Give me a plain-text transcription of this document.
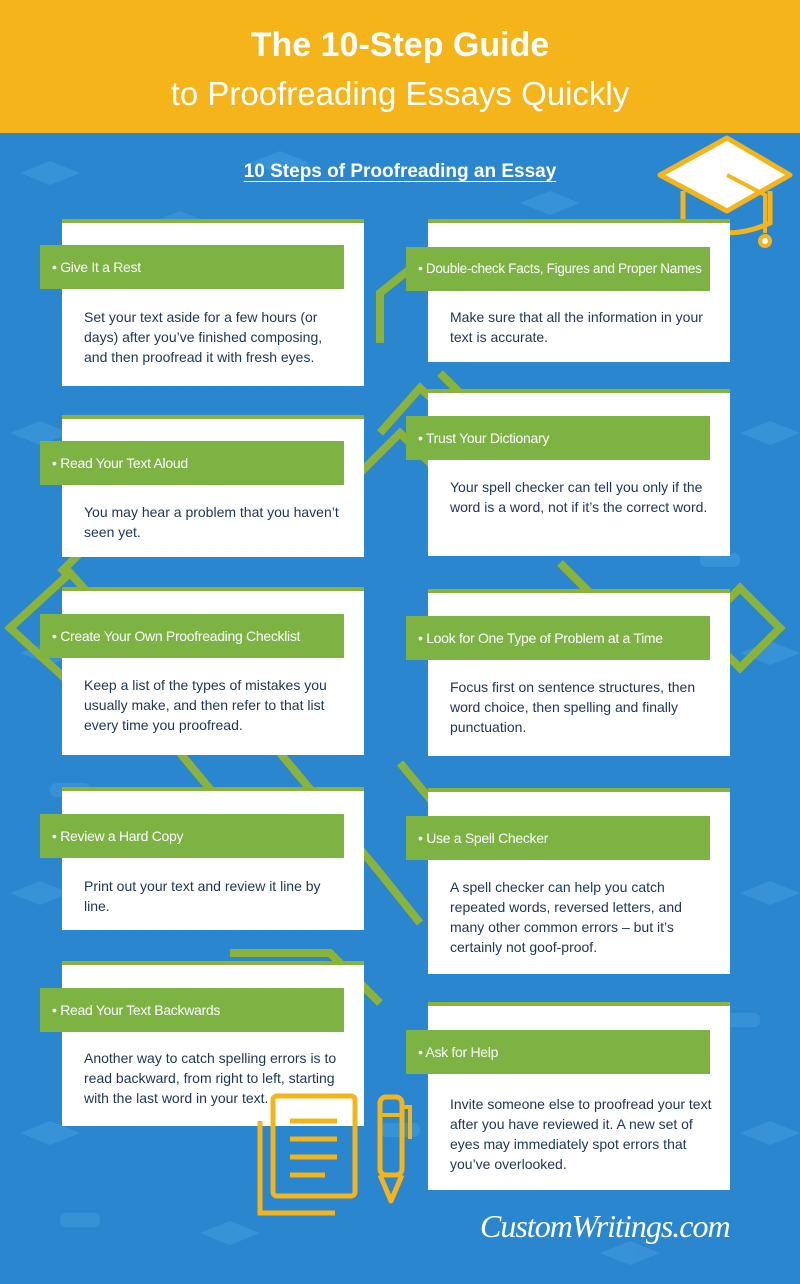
The 10-Step Guide
to Proofreading Essays Quickly
10 Steps of Proofreading an Essay
• Give It a Rest
Set your text aside for a few hours (or days) after you’ve finished composing, and then proofread it with fresh eyes.
• Double-check Facts, Figures and Proper Names
Make sure that all the information in your text is accurate.
• Read Your Text Aloud
You may hear a problem that you haven’t seen yet.
• Trust Your Dictionary
Your spell checker can tell you only if the word is a word, not if it’s the correct word.
• Create Your Own Proofreading Checklist
Keep a list of the types of mistakes you usually make, and then refer to that list every time you proofread.
• Look for One Type of Problem at a Time
Focus first on sentence structures, then word choice, then spelling and finally punctuation.
• Review a Hard Copy
Print out your text and review it line by line.
• Use a Spell Checker
A spell checker can help you catch repeated words, reversed letters, and many other common errors – but it’s certainly not goof-proof.
• Read Your Text Backwards
Another way to catch spelling errors is to read backward, from right to left, starting with the last word in your text.
• Ask for Help
Invite someone else to proofread your text after you have reviewed it. A new set of eyes may immediately spot errors that you’ve overlooked.
CustomWritings.com
